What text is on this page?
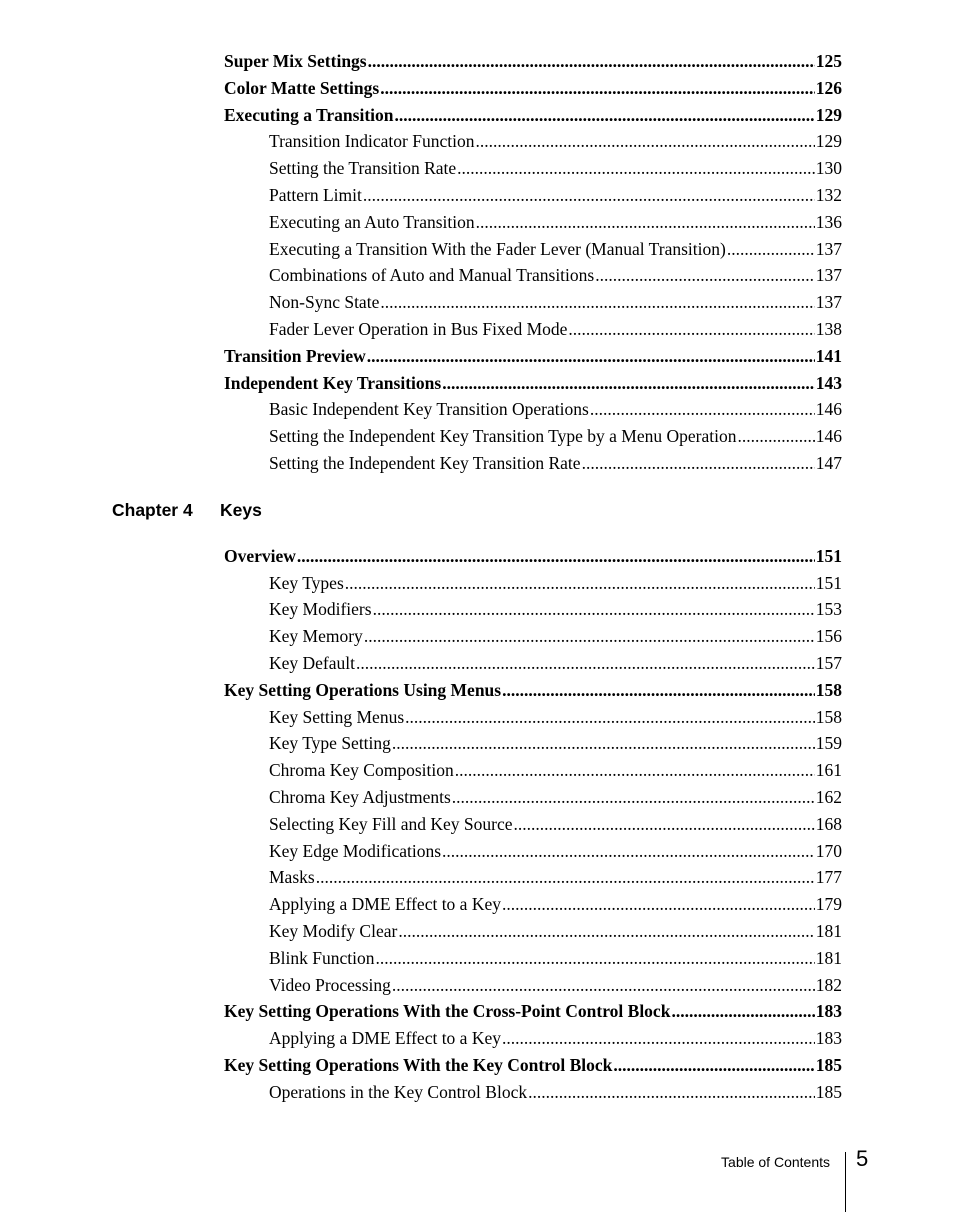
Super Mix Settings .....	125
Color Matte Settings .....	126
Executing a Transition .....	129
Transition Indicator Function .....	129
Setting the Transition Rate .....	130
Pattern Limit .....	132
Executing an Auto Transition .....	136
Executing a Transition With the Fader Lever (Manual Transition) .....	137
Combinations of Auto and Manual Transitions .....	137
Non-Sync State .....	137
Fader Lever Operation in Bus Fixed Mode .....	138
Transition Preview .....	141
Independent Key Transitions .....	143
Basic Independent Key Transition Operations .....	146
Setting the Independent Key Transition Type by a Menu Operation .....	146
Setting the Independent Key Transition Rate .....	147
Chapter 4 Keys
Overview .....	151
Key Types .....	151
Key Modifiers .....	153
Key Memory .....	156
Key Default .....	157
Key Setting Operations Using Menus .....	158
Key Setting Menus .....	158
Key Type Setting .....	159
Chroma Key Composition .....	161
Chroma Key Adjustments .....	162
Selecting Key Fill and Key Source .....	168
Key Edge Modifications .....	170
Masks .....	177
Applying a DME Effect to a Key .....	179
Key Modify Clear .....	181
Blink Function .....	181
Video Processing .....	182
Key Setting Operations With the Cross-Point Control Block .....	183
Applying a DME Effect to a Key .....	183
Key Setting Operations With the Key Control Block .....	185
Operations in the Key Control Block .....	185
Table of Contents 5
